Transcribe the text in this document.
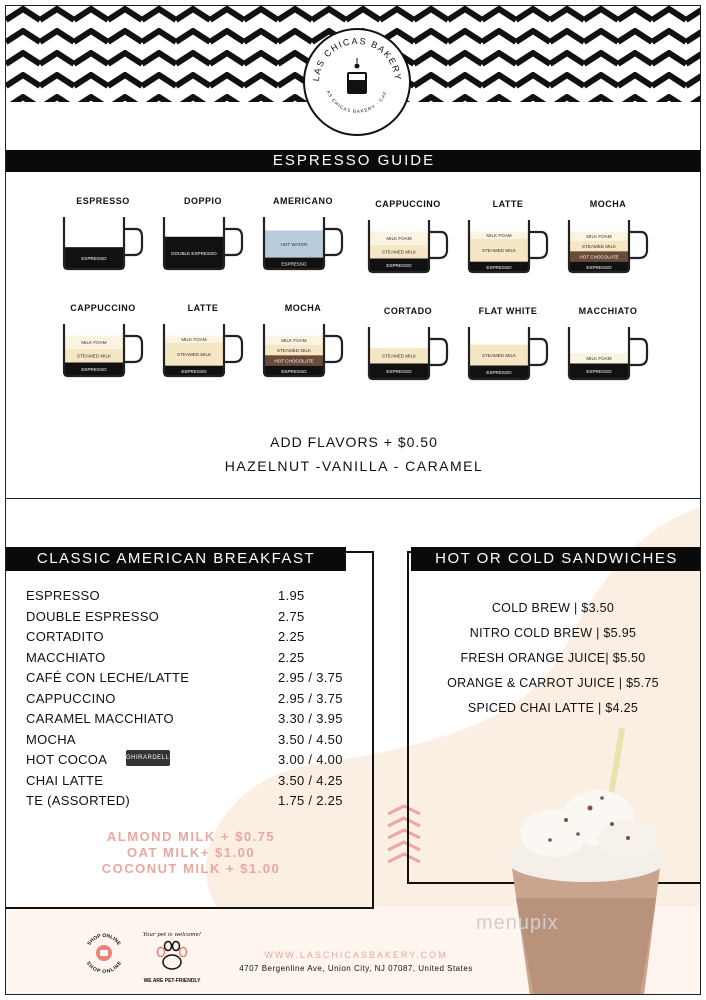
LAS CHICAS BAKERY
AS CHICAS BAKERY · CAF
ESPRESSO GUIDE
ESPRESSO
ESPRESSO
DOPPIO
DOUBLE ESPRESSO
AMERICANO
ESPRESSO
HOT WATER
CAPPUCCINO
ESPRESSO
STEAMED MILK
MILK FOAM
LATTE
ESPRESSO
STEAMED MILK
MILK FOAM
MOCHA
ESPRESSO
HOT CHOCOLATE
STEAMED MILK
MILK FOAM
CAPPUCCINO
ESPRESSO
STEAMED MILK
MILK FOAM
LATTE
ESPRESSO
STEAMED MILK
MILK FOAM
MOCHA
ESPRESSO
HOT CHOCOLATE
STEAMED MILK
MILK FOAM
CORTADO
ESPRESSO
STEAMED MILK
FLAT WHITE
ESPRESSO
STEAMED MILK
MACCHIATO
ESPRESSO
MILK FOAM
ADD FLAVORS + $0.50
HAZELNUT -VANILLA - CARAMEL
CLASSIC AMERICAN BREAKFAST
ESPRESSO	1.95
DOUBLE ESPRESSO	2.75
CORTADITO	2.25
MACCHIATO	2.25
CAFÉ CON LECHE/LATTE	2.95 / 3.75
CAPPUCCINO	2.95 / 3.75
CARAMEL MACCHIATO	3.30 / 3.95
MOCHA	3.50 / 4.50
HOT COCOA	3.00 / 4.00
CHAI LATTE	3.50 / 4.25
TE (ASSORTED)	1.75 / 2.25
GHIRARDELLI
ALMOND MILK + $0.75
OAT MILK+ $1.00
COCONUT MILK + $1.00
HOT OR COLD SANDWICHES
COLD BREW | $3.50
NITRO COLD BREW | $5.95
FRESH ORANGE JUICE| $5.50
ORANGE & CARROT JUICE | $5.75
SPICED CHAI LATTE | $4.25
menupix
SHOP ONLINE
SHOP ONLINE
Your pet is welcome!
WE ARE PET-FRIENDLY
WWW.LASCHICASBAKERY.COM
4707 Bergenline Ave, Union City, NJ 07087, United States
